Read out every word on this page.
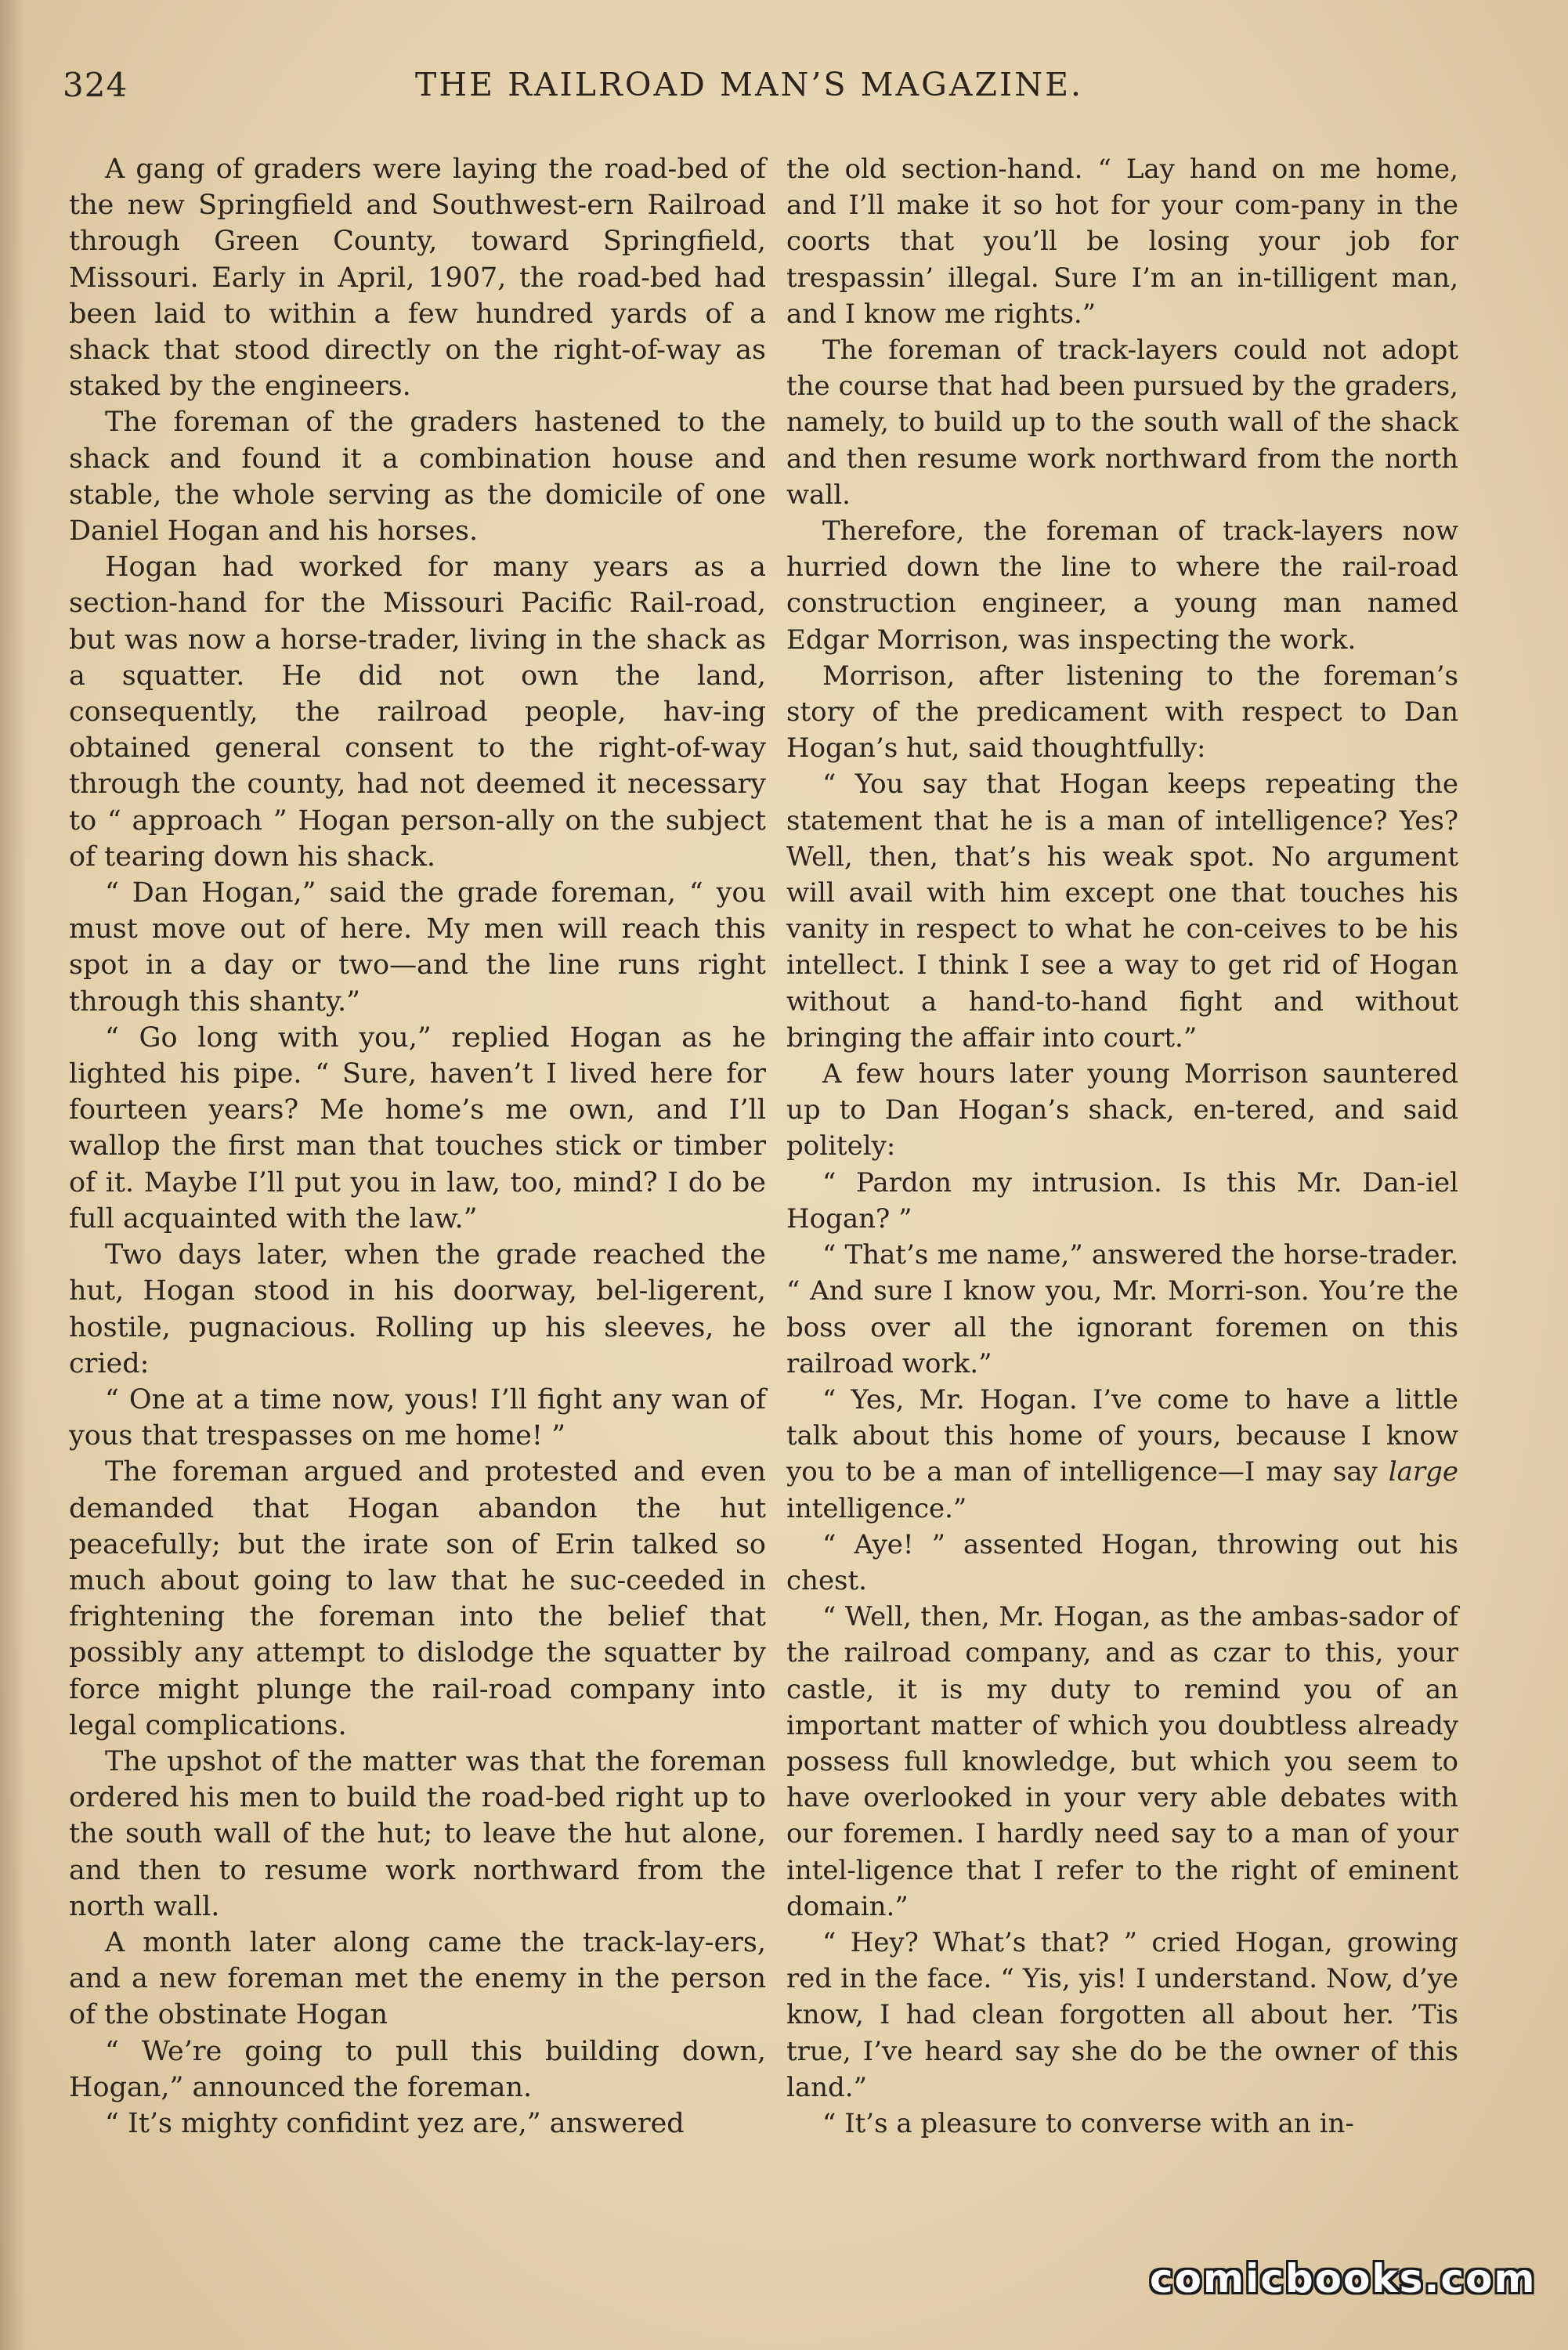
324	THE RAILROAD MAN’S MAGAZINE.

A gang of graders were laying the road-bed of the new Springfield and Southwest-ern Railroad through Green County, toward Springfield, Missouri. Early in April, 1907, the road-bed had been laid to within a few hundred yards of a shack that stood directly on the right-of-way as staked by the engineers.

The foreman of the graders hastened to the shack and found it a combination house and stable, the whole serving as the domicile of one Daniel Hogan and his horses.

Hogan had worked for many years as a section-hand for the Missouri Pacific Rail-road, but was now a horse-trader, living in the shack as a squatter. He did not own the land, consequently, the railroad people, hav-ing obtained general consent to the right-of-way through the county, had not deemed it necessary to “ approach ” Hogan person-ally on the subject of tearing down his shack.

“ Dan Hogan,” said the grade foreman, “ you must move out of here. My men will reach this spot in a day or two—and the line runs right through this shanty.”

“ Go long with you,” replied Hogan as he lighted his pipe. “ Sure, haven’t I lived here for fourteen years? Me home’s me own, and I’ll wallop the first man that touches stick or timber of it. Maybe I’ll put you in law, too, mind? I do be full acquainted with the law.”

Two days later, when the grade reached the hut, Hogan stood in his doorway, bel-ligerent, hostile, pugnacious. Rolling up his sleeves, he cried:

“ One at a time now, yous! I’ll fight any wan of yous that trespasses on me home! ”

The foreman argued and protested and even demanded that Hogan abandon the hut peacefully; but the irate son of Erin talked so much about going to law that he suc-ceeded in frightening the foreman into the belief that possibly any attempt to dislodge the squatter by force might plunge the rail-road company into legal complications.

The upshot of the matter was that the foreman ordered his men to build the road-bed right up to the south wall of the hut; to leave the hut alone, and then to resume work northward from the north wall.

A month later along came the track-lay-ers, and a new foreman met the enemy in the person of the obstinate Hogan

“ We’re going to pull this building down, Hogan,” announced the foreman.

“ It’s mighty confidint yez are,” answered

the old section-hand. “ Lay hand on me home, and I’ll make it so hot for your com-pany in the coorts that you’ll be losing your job for trespassin’ illegal. Sure I’m an in-tilligent man, and I know me rights.”

The foreman of track-layers could not adopt the course that had been pursued by the graders, namely, to build up to the south wall of the shack and then resume work northward from the north wall.

Therefore, the foreman of track-layers now hurried down the line to where the rail-road construction engineer, a young man named Edgar Morrison, was inspecting the work.

Morrison, after listening to the foreman’s story of the predicament with respect to Dan Hogan’s hut, said thoughtfully:

“ You say that Hogan keeps repeating the statement that he is a man of intelligence? Yes? Well, then, that’s his weak spot. No argument will avail with him except one that touches his vanity in respect to what he con-ceives to be his intellect. I think I see a way to get rid of Hogan without a hand-to-hand fight and without bringing the affair into court.”

A few hours later young Morrison sauntered up to Dan Hogan’s shack, en-tered, and said politely:

“ Pardon my intrusion. Is this Mr. Dan-iel Hogan? ”

“ That’s me name,” answered the horse-trader. “ And sure I know you, Mr. Morri-son. You’re the boss over all the ignorant foremen on this railroad work.”

“ Yes, Mr. Hogan. I’ve come to have a little talk about this home of yours, because I know you to be a man of intelligence—I may say large intelligence.”

“ Aye! ” assented Hogan, throwing out his chest.

“ Well, then, Mr. Hogan, as the ambas-sador of the railroad company, and as czar to this, your castle, it is my duty to remind you of an important matter of which you doubtless already possess full knowledge, but which you seem to have overlooked in your very able debates with our foremen. I hardly need say to a man of your intel-ligence that I refer to the right of eminent domain.”

“ Hey? What’s that? ” cried Hogan, growing red in the face. “ Yis, yis! I understand. Now, d’ye know, I had clean forgotten all about her. ’Tis true, I’ve heard say she do be the owner of this land.”

“ It’s a pleasure to converse with an in-

comicbooks.com
